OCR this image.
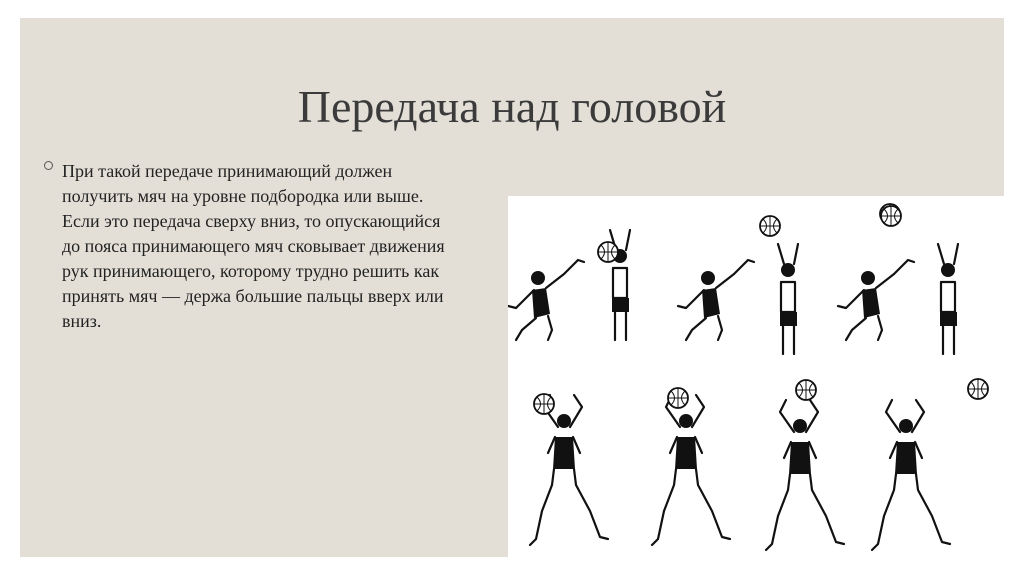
Передача над головой
При такой передаче принимающий должен получить мяч на уровне подбородка или выше. Если это передача сверху вниз, то опускающийся до пояса принимающего мяч сковывает движения рук принимающего, которому трудно решить как принять мяч — держа большие пальцы вверх или вниз.
